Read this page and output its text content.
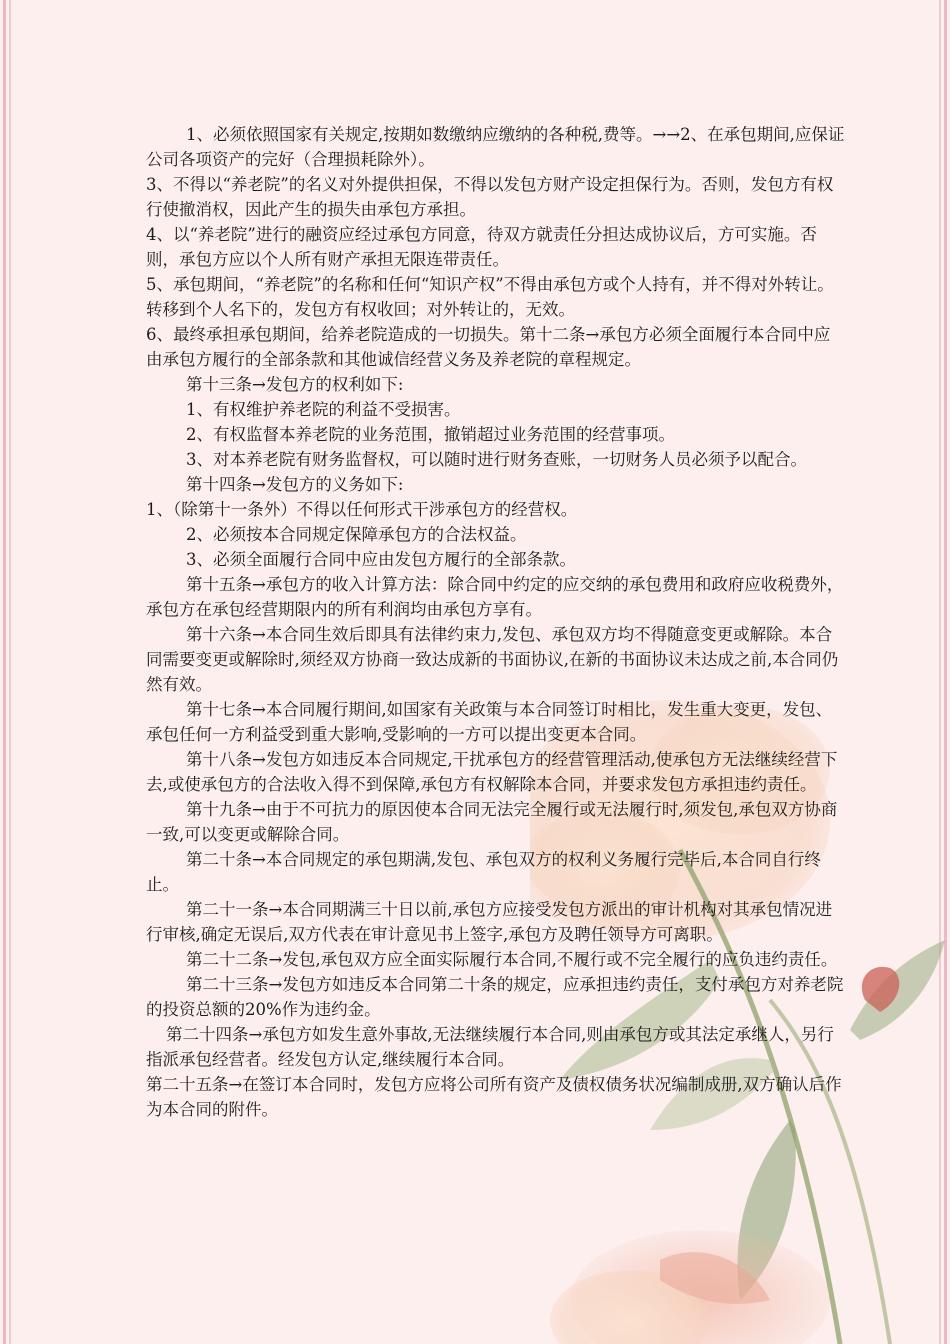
1、必须依照国家有关规定,按期如数缴纳应缴纳的各种税,费等。→→2、在承包期间,应保证公司各项资产的完好（合理损耗除外）。

3、不得以“养老院”的名义对外提供担保，不得以发包方财产设定担保行为。否则，发包方有权行使撤消权，因此产生的损失由承包方承担。

4、以“养老院”进行的融资应经过承包方同意，待双方就责任分担达成协议后，方可实施。否则，承包方应以个人所有财产承担无限连带责任。

5、承包期间，“养老院”的名称和任何“知识产权”不得由承包方或个人持有，并不得对外转让。转移到个人名下的，发包方有权收回；对外转让的，无效。

6、最终承担承包期间，给养老院造成的一切损失。第十二条→承包方必须全面履行本合同中应由承包方履行的全部条款和其他诚信经营义务及养老院的章程规定。

第十三条→发包方的权利如下:

1、有权维护养老院的利益不受损害。

2、有权监督本养老院的业务范围，撤销超过业务范围的经营事项。

3、对本养老院有财务监督权，可以随时进行财务查账，一切财务人员必须予以配合。

第十四条→发包方的义务如下:

1、（除第十一条外）不得以任何形式干涉承包方的经营权。

2、必须按本合同规定保障承包方的合法权益。

3、必须全面履行合同中应由发包方履行的全部条款。

第十五条→承包方的收入计算方法：除合同中约定的应交纳的承包费用和政府应收税费外，承包方在承包经营期限内的所有利润均由承包方享有。

第十六条→本合同生效后即具有法律约束力,发包、承包双方均不得随意变更或解除。本合同需要变更或解除时,须经双方协商一致达成新的书面协议,在新的书面协议未达成之前,本合同仍然有效。

第十七条→本合同履行期间,如国家有关政策与本合同签订时相比，发生重大变更，发包、承包任何一方利益受到重大影响,受影响的一方可以提出变更本合同。

第十八条→发包方如违反本合同规定,干扰承包方的经营管理活动,使承包方无法继续经营下去,或使承包方的合法收入得不到保障,承包方有权解除本合同，并要求发包方承担违约责任。

第十九条→由于不可抗力的原因使本合同无法完全履行或无法履行时,须发包,承包双方协商一致,可以变更或解除合同。

第二十条→本合同规定的承包期满,发包、承包双方的权利义务履行完毕后,本合同自行终止。

第二十一条→本合同期满三十日以前,承包方应接受发包方派出的审计机构对其承包情况进行审核,确定无误后,双方代表在审计意见书上签字,承包方及聘任领导方可离职。

第二十二条→发包,承包双方应全面实际履行本合同,不履行或不完全履行的应负违约责任。

第二十三条→发包方如违反本合同第二十条的规定，应承担违约责任，支付承包方对养老院的投资总额的20%作为违约金。

第二十四条→承包方如发生意外事故,无法继续履行本合同,则由承包方或其法定承继人，另行指派承包经营者。经发包方认定,继续履行本合同。

第二十五条→在签订本合同时，发包方应将公司所有资产及债权债务状况编制成册,双方确认后作为本合同的附件。
